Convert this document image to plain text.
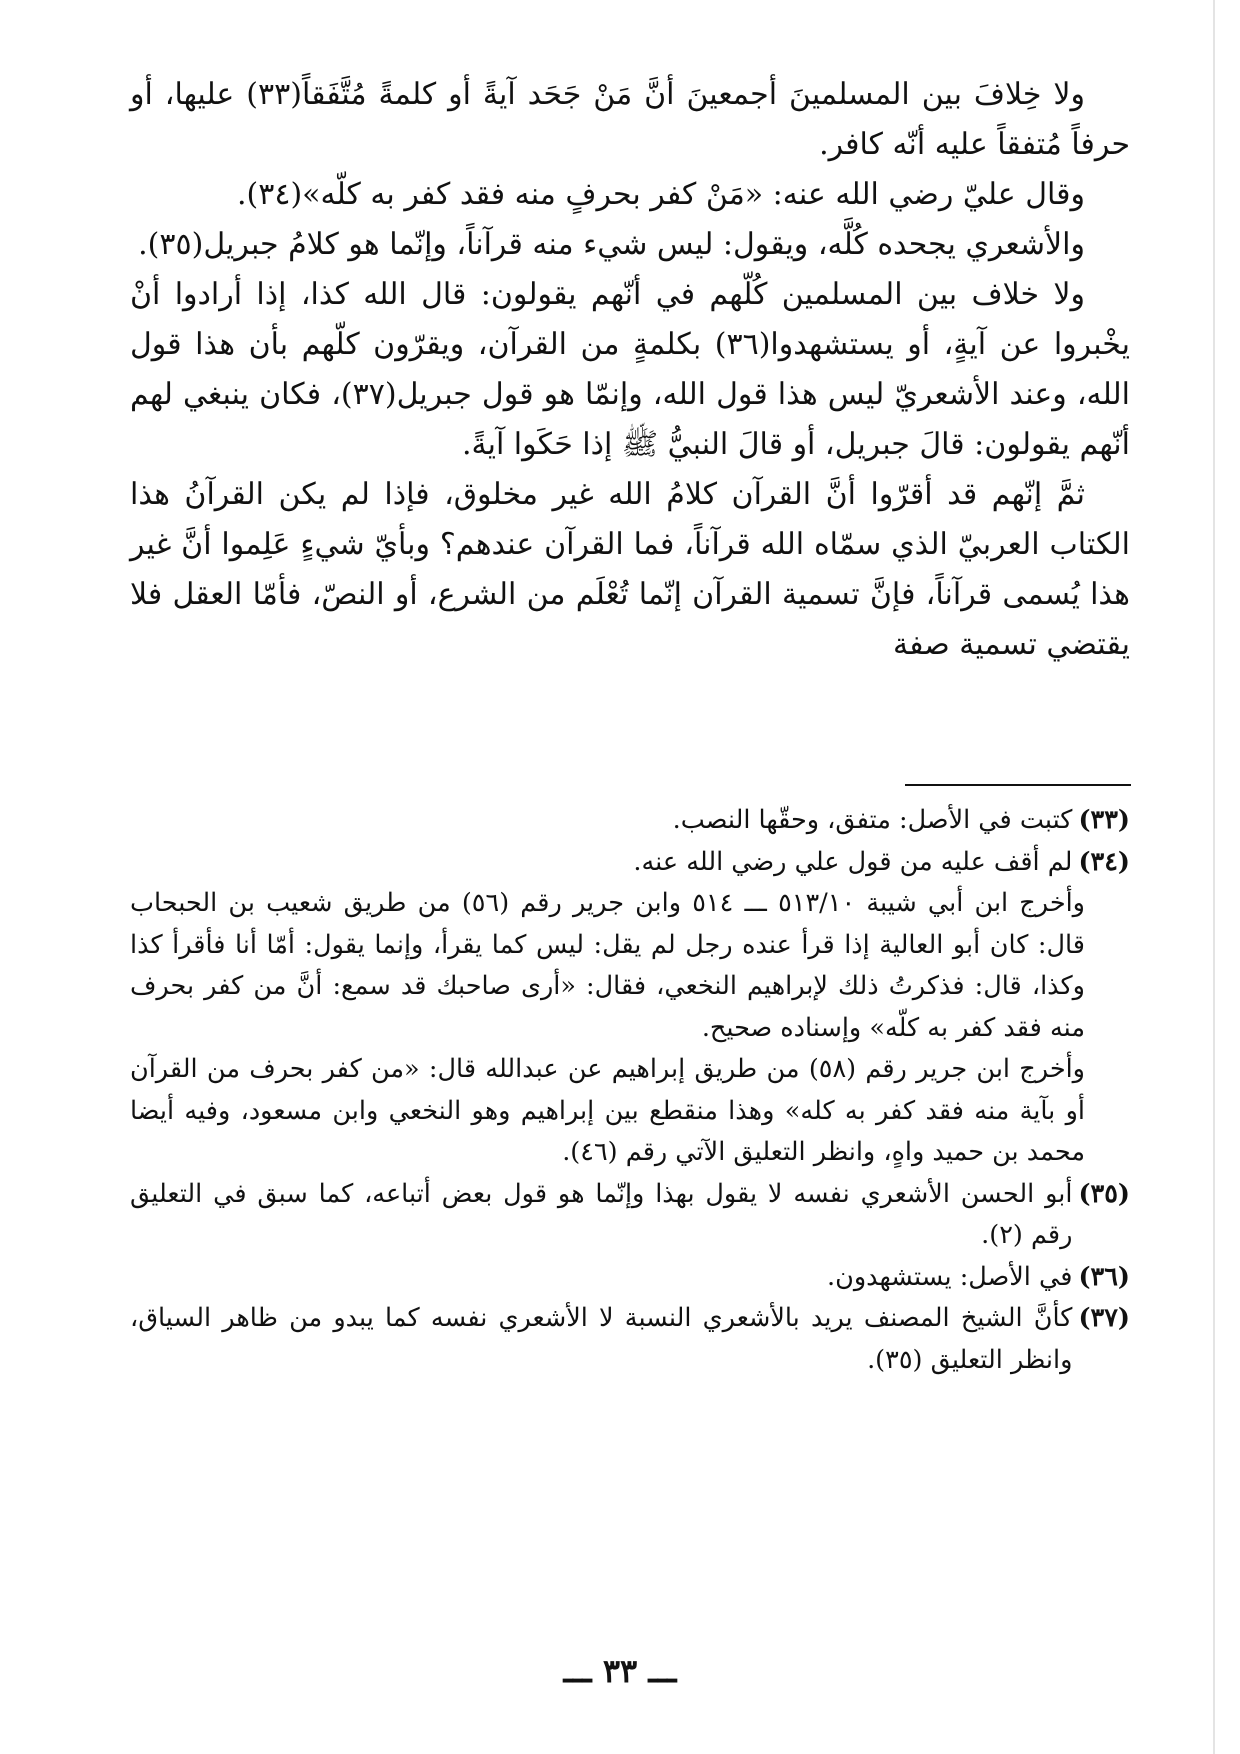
ولا خِلافَ بين المسلمينَ أجمعينَ أنَّ مَنْ جَحَد آيةً أو كلمةً مُتَّفَقاً(٣٣) عليها، أو حرفاً مُتفقاً عليه أنّه كافر.

وقال عليّ رضي الله عنه: «مَنْ كفر بحرفٍ منه فقد كفر به كلّه»(٣٤).

والأشعري يجحده كُلَّه، ويقول: ليس شيء منه قرآناً، وإنّما هو كلامُ جبريل(٣٥).

ولا خلاف بين المسلمين كُلّهم في أنّهم يقولون: قال الله كذا، إذا أرادوا أنْ يخْبروا عن آيةٍ، أو يستشهدوا(٣٦) بكلمةٍ من القرآن، ويقرّون كلّهم بأن هذا قول الله، وعند الأشعريّ ليس هذا قول الله، وإنمّا هو قول جبريل(٣٧)، فكان ينبغي لهم أنّهم يقولون: قالَ جبريل، أو قالَ النبيُّ ﷺ إذا حَكَوا آيةً.

ثمَّ إنّهم قد أقرّوا أنَّ القرآن كلامُ الله غير مخلوق، فإذا لم يكن القرآنُ هذا الكتاب العربيّ الذي سمّاه الله قرآناً، فما القرآن عندهم؟ وبأيّ شيءٍ عَلِموا أنَّ غير هذا يُسمى قرآناً، فإنَّ تسمية القرآن إنّما تُعْلَم من الشرع، أو النصّ، فأمّا العقل فلا يقتضي تسمية صفة

(٣٣)
كتبت في الأصل: متفق، وحقّها النصب.
(٣٤)
لم أقف عليه من قول علي رضي الله عنه.

وأخرج ابن أبي شيبة ٥١٣/١٠ ـــ ٥١٤ وابن جرير رقم (٥٦) من طريق شعيب بن الحبحاب قال: كان أبو العالية إذا قرأ عنده رجل لم يقل: ليس كما يقرأ، وإنما يقول: أمّا أنا فأقرأ كذا وكذا، قال: فذكرتُ ذلك لإبراهيم النخعي، فقال: «أرى صاحبك قد سمع: أنَّ من كفر بحرف منه فقد كفر به كلّه» وإسناده صحيح.

وأخرج ابن جرير رقم (٥٨) من طريق إبراهيم عن عبدالله قال: «من كفر بحرف من القرآن أو بآية منه فقد كفر به كله» وهذا منقطع بين إبراهيم وهو النخعي وابن مسعود، وفيه أيضا محمد بن حميد واهٍ، وانظر التعليق الآتي رقم (٤٦).

(٣٥)
أبو الحسن الأشعري نفسه لا يقول بهذا وإنّما هو قول بعض أتباعه، كما سبق في التعليق رقم (٢).
(٣٦)
في الأصل: يستشهدون.
(٣٧)
كأنَّ الشيخ المصنف يريد بالأشعري النسبة لا الأشعري نفسه كما يبدو من ظاهر السياق، وانظر التعليق (٣٥).
ـــ ٣٣ ـــ
